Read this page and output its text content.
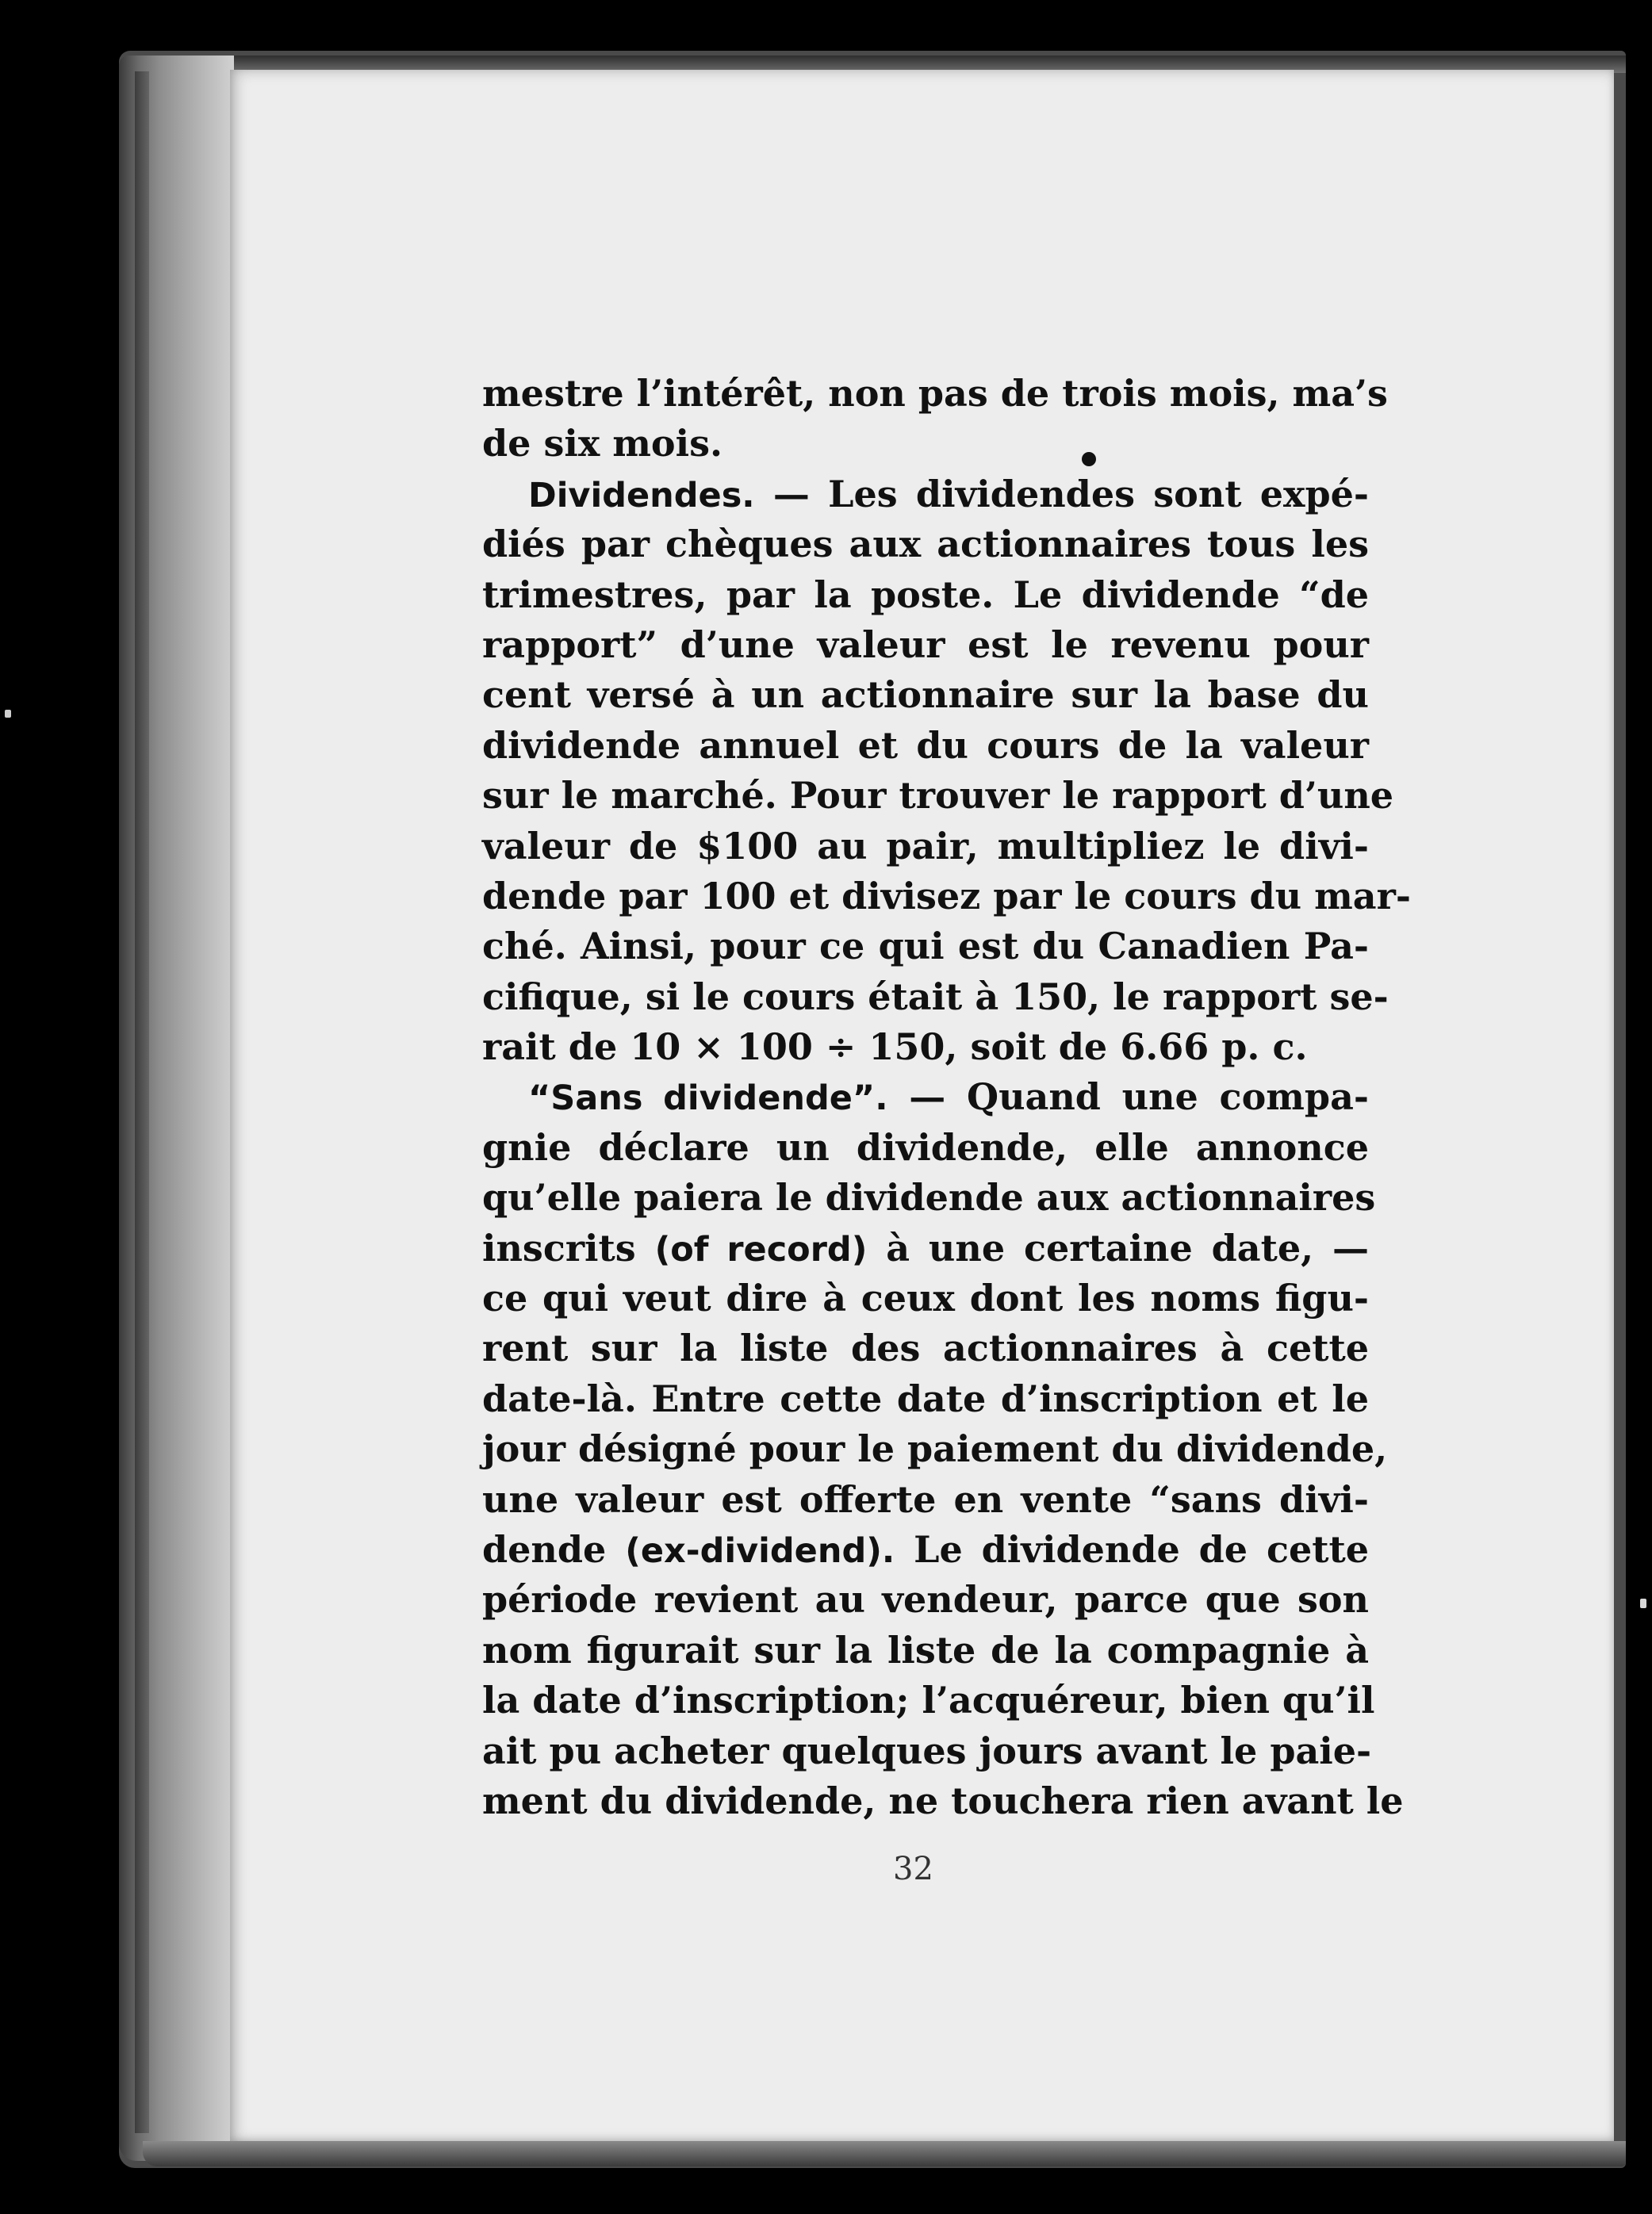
mestre l’intérêt, non pas de trois mois, ma’s
de six mois.
Dividendes. — Les dividendes sont expé-
diés par chèques aux actionnaires tous les
trimestres, par la poste. Le dividende “de
rapport” d’une valeur est le revenu pour
cent versé à un actionnaire sur la base du
dividende annuel et du cours de la valeur
sur le marché. Pour trouver le rapport d’une
valeur de $100 au pair, multipliez le divi-
dende par 100 et divisez par le cours du mar-
ché. Ainsi, pour ce qui est du Canadien Pa-
cifique, si le cours était à 150, le rapport se-
rait de 10 × 100 ÷ 150, soit de 6.66 p. c.
“Sans dividende”. — Quand une compa-
gnie déclare un dividende, elle annonce
qu’elle paiera le dividende aux actionnaires
inscrits (of record) à une certaine date, —
ce qui veut dire à ceux dont les noms figu-
rent sur la liste des actionnaires à cette
date-là. Entre cette date d’inscription et le
jour désigné pour le paiement du dividende,
une valeur est offerte en vente “sans divi-
dende (ex-dividend). Le dividende de cette
période revient au vendeur, parce que son
nom figurait sur la liste de la compagnie à
la date d’inscription; l’acquéreur, bien qu’il
ait pu acheter quelques jours avant le paie-
ment du dividende, ne touchera rien avant le
32
